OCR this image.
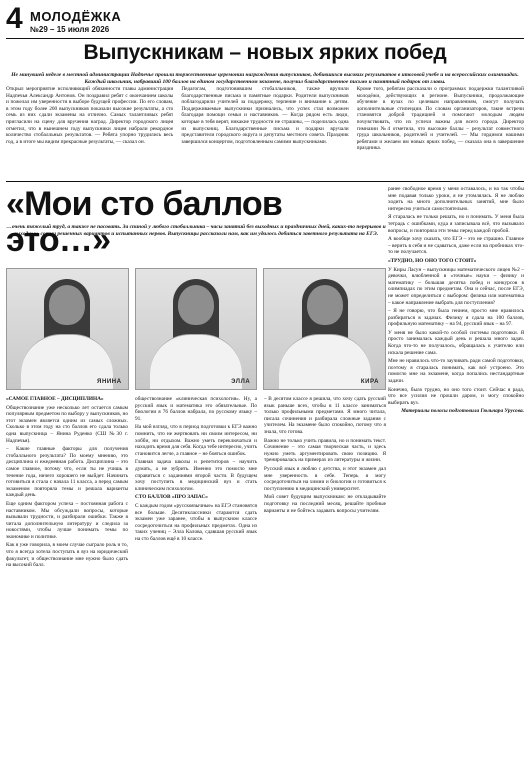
4 МОЛОДЁЖКА
№29 – 15 июля 2026
Выпускникам – новых ярких побед
Не минувшей неделе в местной администрации Надпечье прошли торжественные церемонии награждения выпускников, добившихся высоких результатов в итоговой учебе и на всероссийских олимпиадах. Каждый школьник, набравший 100 баллов на едином государственном экзамене, получил благодарственное письмо и памятный подарок от главы.

Открыл мероприятие исполняющий обязанности главы администрации Надпечья Александр Антонов. Он поздравил ребят с окончанием школы и пожелал им уверенности в выборе будущей профессии. По его словам, в этом году более 200 выпускников показали высокие результаты, а сто семь из них сдали экзамены на отлично. Самых талантливых ребят пригласили на сцену для вручения наград. Директор городского лицея отметил, что в нынешнем году выпускники лицея набрали рекордное количество стобалльных результатов. — Ребята упорно трудились весь год, а в итоге мы видим прекрасные результаты, — сказал он.

Педагогам, подготовившим стобалльников, также вручили благодарственные письма и памятные подарки. Родители выпускников поблагодарили учителей за поддержку, терпение и внимание к детям. Поддерживаемые выпускники признались, что успех стал возможен благодаря помощи семьи и наставников. — Когда рядом есть люди, которые в тебя верят, никакие трудности не страшны, — поделилась одна из выпускниц. Благодарственные письма и подарки вручали представители городского округа и депутаты местного совета. Праздник завершился концертом, подготовленным самими выпускниками.

Кроме того, ребятам рассказали о программах поддержки талантливой молодёжи, действующих в регионе. Выпускники, продолжающие обучение в вузах по целевым направлениям, смогут получать дополнительные стипендии. По словам организаторов, такие встречи становятся доброй традицией и помогают молодым людям почувствовать, что их успехи важны для всего города. Директор гимназии №4 отметила, что высокие баллы – результат совместного труда школьников, родителей и учителей. — Мы гордимся нашими ребятами и желаем им новых ярких побед, — сказала она в завершение праздника.

«Мои сто баллов это…»
…очень тяжелый труд, а также не пасовать. За спиной у любого стобалльника – часы занятий без выходных и праздничных дней, каких-то перерывов и выходных, сотни решенных вариантов и испытанных нервов. Выпускницы рассказали нам, как им удалось добиться заветного результата на ЕГЭ.
ЯНИНА	ЭЛЛА	КИРА

«САМОЕ ГЛАВНОЕ – ДИСЦИПЛИНА»

Обществознание уже несколько лет остается самым популярным предметом по выбору у выпускников, но этот экзамен является одним из самых сложных. Сколько в этом году на сто баллов его сдала только одна выпускница – Янина Руденко (СШ №30 г. Надпечья).

– Какие главные факторы для получения стобалльного результата? По моему мнению, это дисциплина и ежедневная работа. Дисциплина – это самое главное, потому что, если ты не учишь в течение года, ничего хорошего не выйдет. Начинать готовиться я стала с начала 11 класса, а перед самым экзаменом повторяла темы и решала варианты каждый день.

Еще одним фактором успеха – постоянная работа с наставником. Мы обсуждали вопросы, которые вызывали трудности, и разбирали ошибки. Также я читала дополнительную литературу и следила за новостями, чтобы лучше понимать темы по экономике и политике.

Как я уже говорила, в моем случае сыграло роль и то, что я всегда хотела поступать в вуз на юридический факультет, и обществознание мне нужно было сдать на высокий балл.

обществознание «клиническая психология». Ну, а русский язык и математика это обязательные. По биологии я 76 баллов набрала, по русскому языку – 91.

На мой взгляд, что в период подготовки к ЕГЭ важно помнить, что не жертвовать ни своим интересом, ни хобби, ни отдыхом. Важно уметь переключаться и находить время для себя. Когда тебе интересно, учить становится легче, а главное – не бояться ошибок.

Главная задача школы и репетиторов – научить думать, а не зубрить. Именно это помогло мне справиться с заданиями второй части. В будущем хочу поступить в медицинский вуз и стать клиническим психологом.

СТО БАЛЛОВ «ПРО ЗАПАС»

С каждым годом «русскоязычные» на ЕГЭ становятся все больше. Десятиклассники стараются сдать экзамен уже заранее, чтобы в выпускном классе сосредоточиться на профильных предметах. Одна из таких учениц – Элла Калова, сдавшая русский язык на сто баллов ещё в 10 классе.

– В десятом классе я решила, что хочу сдать русский язык раньше всех, чтобы в 11 классе заниматься только профильными предметами. Я много читала, писала сочинения и разбирала сложные задания с учителем. На экзамене было спокойно, потому что я знала, что готова.

Важно не только учить правила, но и понимать текст. Сочинение – это самая творческая часть, и здесь нужно уметь аргументировать свою позицию. Я тренировалась на примерах из литературы и жизни.

Русский язык я люблю с детства, и этот экзамен дал мне уверенность в себе. Теперь я могу сосредоточиться на химии и биологии и готовиться к поступлению в медицинский университет.

Мой совет будущим выпускникам: не откладывайте подготовку на последний месяц, решайте пробные варианты и не бойтесь задавать вопросы учителям.

ранее свободное время у меня оставалось, и на так чтобы мне подавая только уроки, я не утомлялась. Я не люблю ходить на много дополнительных занятий, мне было интересно учиться самостоятельно.

Я старалась не только решать, но и понимать. У меня была тетрадь с ошибками, куда я записывала всё, что вызывало вопросы, и повторяла эти темы перед каждой пробой.

А вообще хочу сказать, что ЕГЭ – это не страшно. Главное – верить в себя и не сдаваться, даже если на пробниках что-то не получается.

«ТРУДНО, НО ОНО ТОГО СТОИТ»

У Киры Ласун – выпускницы математического лицея №2 – девочки, влюбленной в «точные» науки – физику и математику – большая десятка побед и конкурсов в олимпиадах по этим предметам. Она и сейчас, после ЕГЭ, не может определиться с выбором: физика или математика – какое направление выбрать для поступления?

– Я не говорю, что была гением, просто мне нравилось разбираться в задачах. Физику я сдала на 100 баллов, профильную математику – на 94, русский язык – на 97.

У меня не было какой-то особой системы подготовки. Я просто занималась каждый день и решала много задач. Когда что-то не получалось, обращалась к учителю или искала решение сама.

Мне не нравилось что-то заучивать ради самой подготовки, поэтому я старалась понимать, как всё устроено. Это помогло мне на экзамене, когда попались нестандартные задачи.

Конечно, было трудно, но оно того стоит. Сейчас я рада, что все усилия не прошли даром, и могу спокойно выбирать вуз.

Материалы полосы подготовила Гюльнара Урусова.
